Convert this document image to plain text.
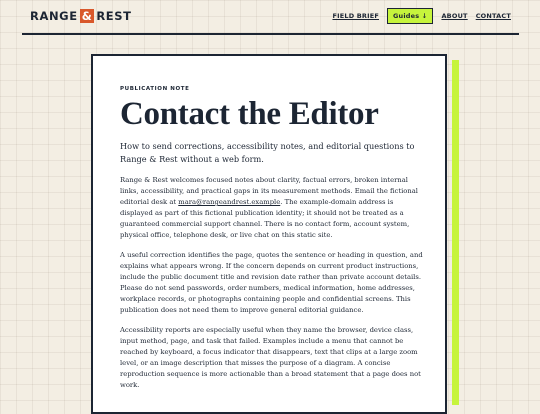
RANGE & REST	FIELD BRIEF	Guides ↓	ABOUT CONTACT

PUBLICATION NOTE

Contact the Editor

How to send corrections, accessibility notes, and editorial questions to Range & Rest without a web form.

Range & Rest welcomes focused notes about clarity, factual errors, broken internal links, accessibility, and practical gaps in its measurement methods. Email the fictional editorial desk at mara@rangeandrest.example. The example-domain address is displayed as part of this fictional publication identity; it should not be treated as a guaranteed commercial support channel. There is no contact form, account system, physical office, telephone desk, or live chat on this static site.

A useful correction identifies the page, quotes the sentence or heading in question, and explains what appears wrong. If the concern depends on current product instructions, include the public document title and revision date rather than private account details. Please do not send passwords, order numbers, medical information, home addresses, workplace records, or photographs containing people and confidential screens. This publication does not need them to improve general editorial guidance.

Accessibility reports are especially useful when they name the browser, device class, input method, page, and task that failed. Examples include a menu that cannot be reached by keyboard, a focus indicator that disappears, text that clips at a large zoom level, or an image description that misses the purpose of a diagram. A concise reproduction sequence is more actionable than a broad statement that a page does not work.
